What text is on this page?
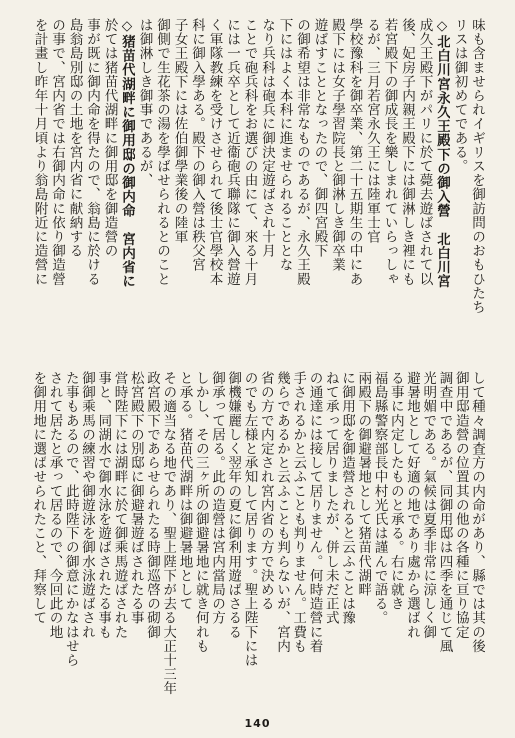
味も含ませられイギリスを御訪問のおもひたち
リスは御初めてである。
◇北白川宮永久王殿下の御入營　北白川宮
成久王殿下がパリに於て薨去遊ばされて以
後、妃房子内親王殿下には御淋しき裡にも
若宮殿下の御成長を樂しまれていらっしゃ
るが、三月若宮永久王には陸軍士官
學校豫科を御卒業、第二十五期生の中にあ
殿下には女子學習院長と御淋しき御卒業
遊ばすこととなったので、御四宮殿下
の御希望は非常なものであるが、永久王殿
下にはよく本科に進ませられることとな
なり兵科は砲兵に御決定遊ばされ十月
ことで砲兵科をお選びの由にて、來る十月
には一兵卒として近衞砲兵聯隊に御入營遊
く軍隊教練を受けさせられて後士官學校本
科に御入學ある。殿下の御入營は秩父宮
子女王殿下には佐伯御學業後の陸軍
御側で生花茶の湯を學ばせられるとのこと
は御淋しき御事であるが、
◇猪苗代湖畔に御用邸の御内命　宮内省に
於ては猪苗代湖畔に御用邸を御造營の
事が既に御内命を得たので、翁島に於ける
島翁島別邸の土地を宮内省に献納する
の事で、宮内省では右御内命に依り御造營
を計畫し昨年十月頃より翁島附近に造營に
して種々調査方の内命があり、縣では其の後
御用邸造營の位置其の他の各種に亘り協定
調查中であるが、同御用邸は四季を通じて風
光明媚である。氣候は夏季非常に涼しく御
避暑地として好適の地であり處から選ばれ
る事に内定したものと承る。右に就き
福島縣警察部長中村光氏は謹んで語る。
兩殿下の御避暑地として猪苗代湖畔
に御用邸を御造營されると云ふことは豫
ねて承って居りましたが、併し未だ正式
の通達には接して居りません。何時造營に着
手されるかと云ふことも判りません。工費も
幾らであるかと云ふことも判らないが、宮内
省の方で内定され宮内省の方で決める
のでも左様と承知して居ります。聖上陛下には
御機嫌麗しく翌年の夏に御利用遊ばさるる
御承って居る。此の造營は宮内當局の方
しかし、その三ヶ所の御避暑地に就き何れも
と承る。猪苗代湖畔は御避暑地として
その適当なる地であり、聖上陛下が去る大正十三年
政宮殿下であらせられたる時御巡啓の砌御
松宮殿下の別邸に御避暑遊ばされたる事
営時陛下には湖畔に於て御乘馬遊ばされた
事と、同湖水で御水泳を遊ばされたる事も
御御乘馬の練習や御遊泳を御水泳遊ばされ
た事もあるので、此時陛下の御意にかなはせら
されて居たと承って居るので、今回此の地
を御用地に選ばせられたこと、拜察して
140
